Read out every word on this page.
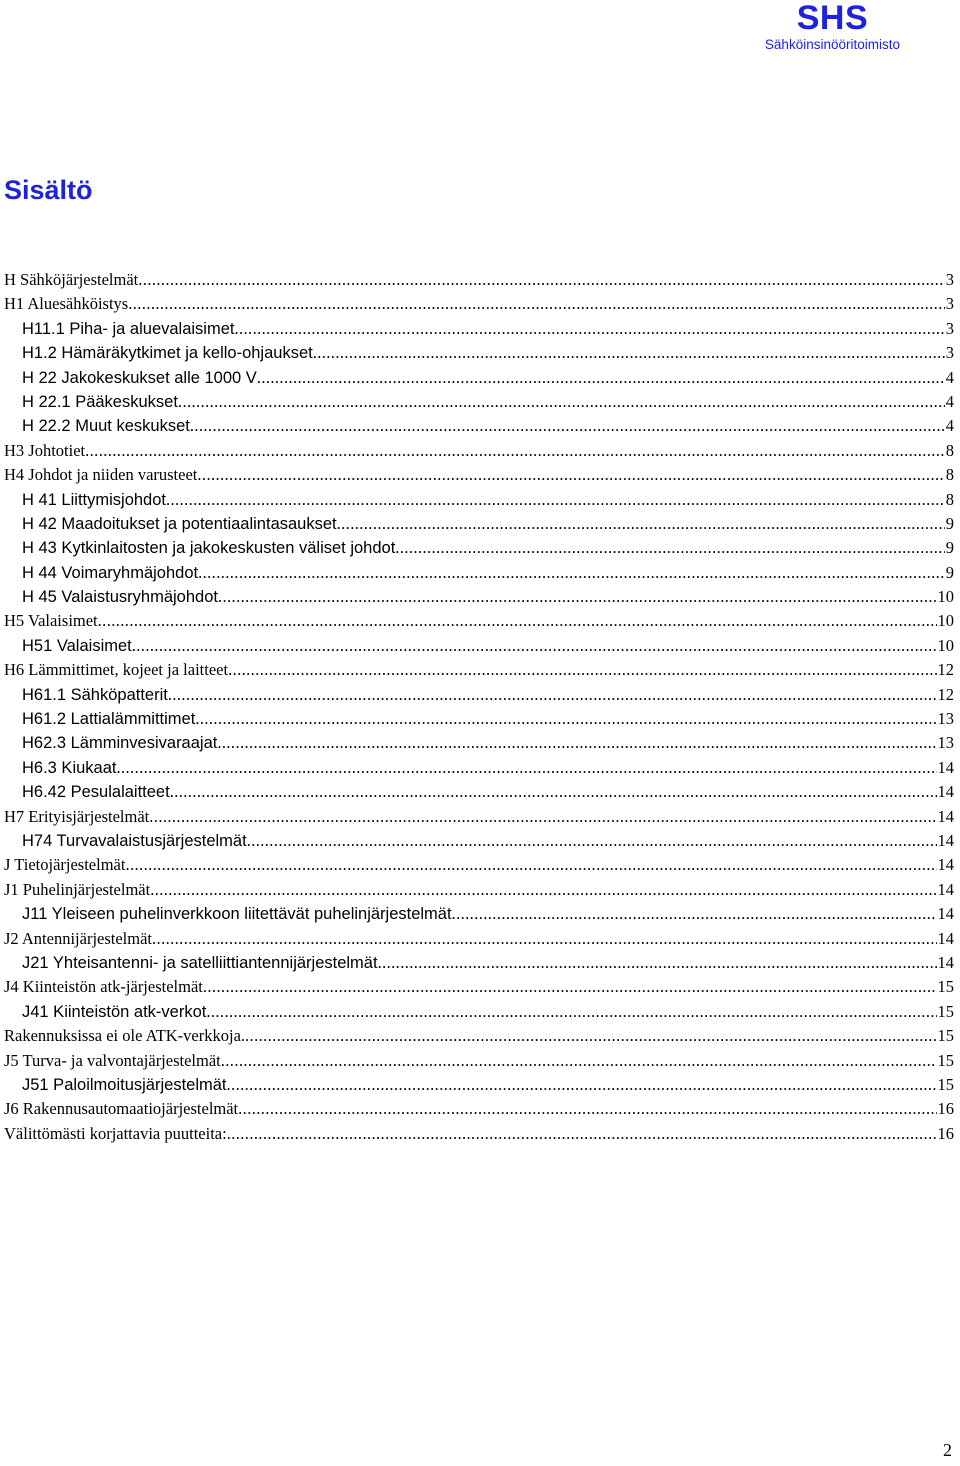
SHS
Sähköinsinööritoimisto
Sisältö
H Sähköjärjestelmät .....	3
H1 Aluesähköistys .....	3
H11.1 Piha- ja aluevalaisimet .....	3
H1.2 Hämäräkytkimet ja kello-ohjaukset .....	3
H 22 Jakokeskukset alle 1000 V .....	4
H 22.1 Pääkeskukset .....	4
H 22.2 Muut keskukset .....	4
H3 Johtotiet .....	8
H4 Johdot ja niiden varusteet .....	8
H 41 Liittymisjohdot .....	8
H 42 Maadoitukset ja potentiaalintasaukset .....	9
H 43 Kytkinlaitosten ja jakokeskusten väliset johdot .....	9
H 44 Voimaryhmäjohdot .....	9
H 45 Valaistusryhmäjohdot .....	10
H5 Valaisimet .....	10
H51 Valaisimet .....	10
H6 Lämmittimet, kojeet ja laitteet .....	12
H61.1 Sähköpatterit .....	12
H61.2 Lattialämmittimet .....	13
H62.3 Lämminvesivaraajat .....	13
H6.3 Kiukaat .....	14
H6.42 Pesulalaitteet .....	14
H7 Erityisjärjestelmät .....	14
H74 Turvavalaistusjärjestelmät .....	14
J Tietojärjestelmät .....	14
J1 Puhelinjärjestelmät .....	14
J11 Yleiseen puhelinverkkoon liitettävät puhelinjärjestelmät .....	14
J2 Antennijärjestelmät .....	14
J21 Yhteisantenni- ja satelliittiantennijärjestelmät .....	14
J4 Kiinteistön atk-järjestelmät .....	15
J41 Kiinteistön atk-verkot .....	15
Rakennuksissa ei ole ATK-verkkoja. .....	15
J5 Turva- ja valvontajärjestelmät .....	15
J51 Paloilmoitusjärjestelmät .....	15
J6 Rakennusautomaatiojärjestelmät .....	16
Välittömästi korjattavia puutteita: .....	16
2
